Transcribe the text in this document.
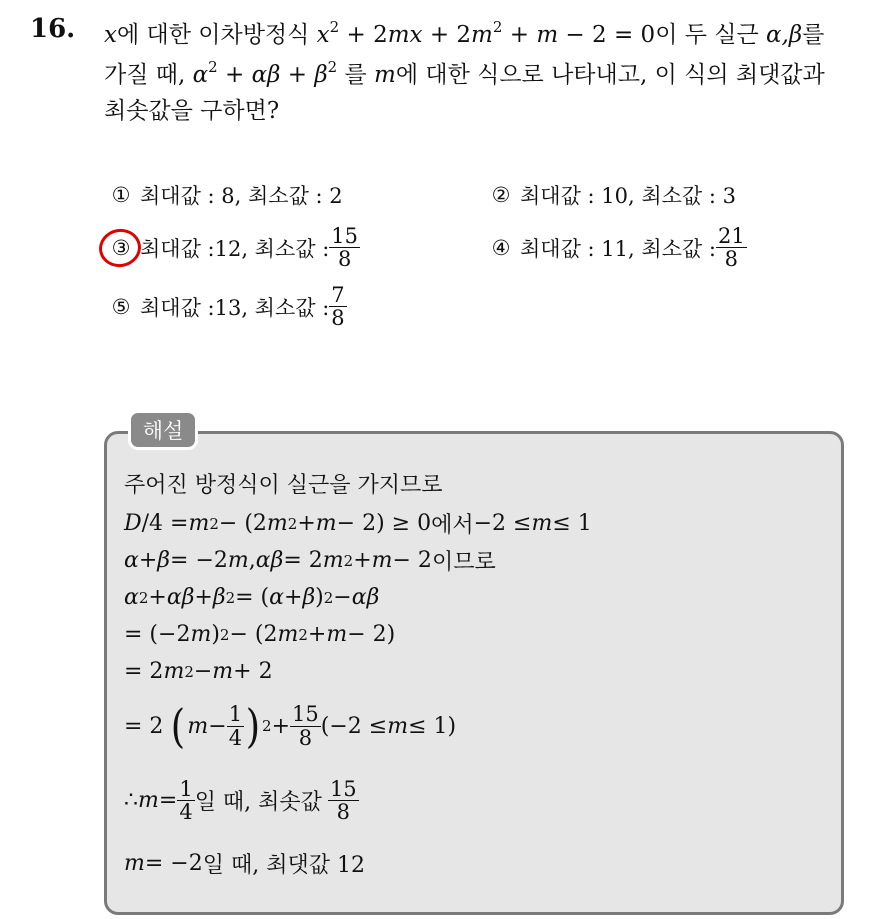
16. x에 대한 이차방정식 $x^2 + 2mx + 2m^2 + m - 2 = 0$이 두 실근 α,β를
가질 때, $\alpha^2 + \alpha\beta + \beta^2$ 를 m에 대한 식으로 나타내고, 이 식의 최댓값과
최솟값을 구하면?
① 최대값 : 8, 최소값 : 2	② 최대값 : 10, 최소값 : 3
③ 최대값 :12, 최소값 : $\frac{15}{8}$	④ 최대값 : 11, 최소값 : $\frac{21}{8}$
⑤ 최대값 :13, 최소값 : $\frac{7}{8}$
해설
주어진 방정식이 실근을 가지므로
D /4 = m 2 − (2 m 2 + m − 2) ≥ 0 에서 −2 ≤ m ≤ 1
α + β = −2 m , αβ = 2 m 2 + m − 2 이므로
α 2 + αβ + β 2 = ( α + β ) 2 − αβ
= (−2 m ) 2 − (2 m 2 + m − 2)
= 2 m 2 − m + 2
= 2 ( $m - \frac{1}{4}$ ) $2 + \frac{15}{8} (-2 \le m \le 1)$
∴ $m = \frac{1}{4}$ 일 때, 최솟값 $\frac{15}{8}$
m = −2 일 때, 최댓값 12
